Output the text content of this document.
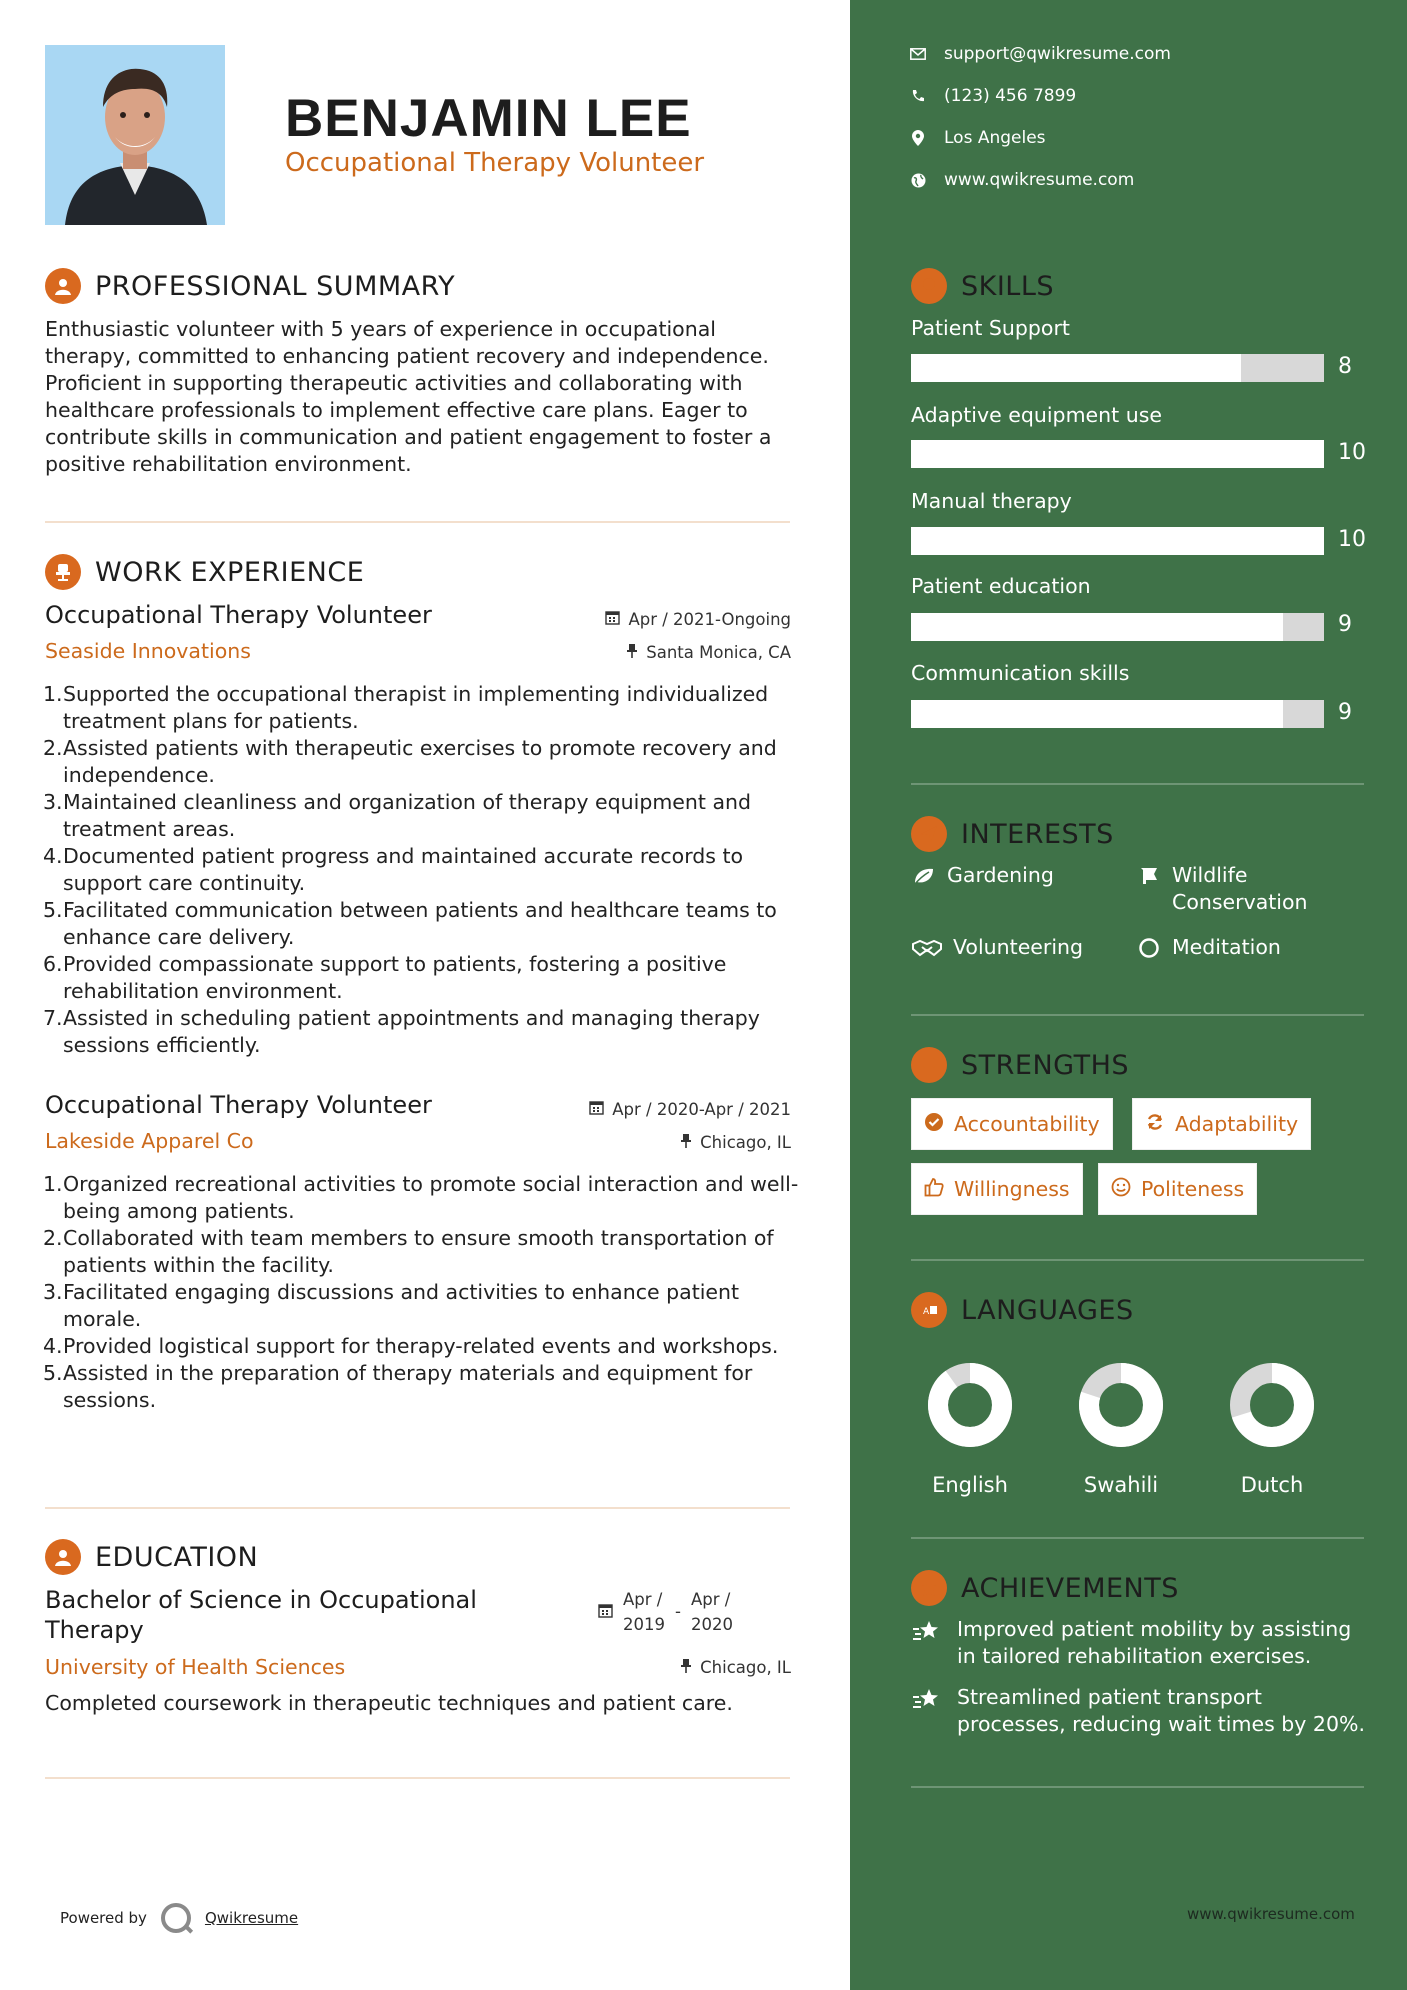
BENJAMIN LEE
Occupational Therapy Volunteer
PROFESSIONAL SUMMARY
Enthusiastic volunteer with 5 years of experience in occupational therapy, committed to enhancing patient recovery and independence. Proficient in supporting therapeutic activities and collaborating with healthcare professionals to implement effective care plans. Eager to contribute skills in communication and patient engagement to foster a positive rehabilitation environment.
WORK EXPERIENCE
Occupational Therapy Volunteer	Apr / 2021-Ongoing
Seaside Innovations	Santa Monica, CA
1. Supported the occupational therapist in implementing individualized treatment plans for patients.
2. Assisted patients with therapeutic exercises to promote recovery and independence.
3. Maintained cleanliness and organization of therapy equipment and treatment areas.
4. Documented patient progress and maintained accurate records to support care continuity.
5. Facilitated communication between patients and healthcare teams to enhance care delivery.
6. Provided compassionate support to patients, fostering a positive rehabilitation environment.
7. Assisted in scheduling patient appointments and managing therapy sessions efficiently.
Occupational Therapy Volunteer	Apr / 2020-Apr / 2021
Lakeside Apparel Co	Chicago, IL
1. Organized recreational activities to promote social interaction and well-being among patients.
2. Collaborated with team members to ensure smooth transportation of patients within the facility.
3. Facilitated engaging discussions and activities to enhance patient morale.
4. Provided logistical support for therapy-related events and workshops.
5. Assisted in the preparation of therapy materials and equipment for sessions.
EDUCATION
Bachelor of Science in Occupational
Therapy
Apr /
2019
-
Apr /
2020
University of Health Sciences	Chicago, IL
Completed coursework in therapeutic techniques and patient care.
Powered by	Qwikresume
support@qwikresume.com
(123) 456 7899
Los Angeles
www.qwikresume.com
SKILLS
Patient Support
8
Adaptive equipment use
10
Manual therapy
10
Patient education
9
Communication skills
9
INTERESTS
Gardening	Wildlife
Conservation
Volunteering	Meditation
STRENGTHS
Accountability	Adaptability
Willingness	Politeness
A LANGUAGES
English	Swahili	Dutch
ACHIEVEMENTS
Improved patient mobility by assisting
in tailored rehabilitation exercises.
Streamlined patient transport
processes, reducing wait times by 20%.
www.qwikresume.com
